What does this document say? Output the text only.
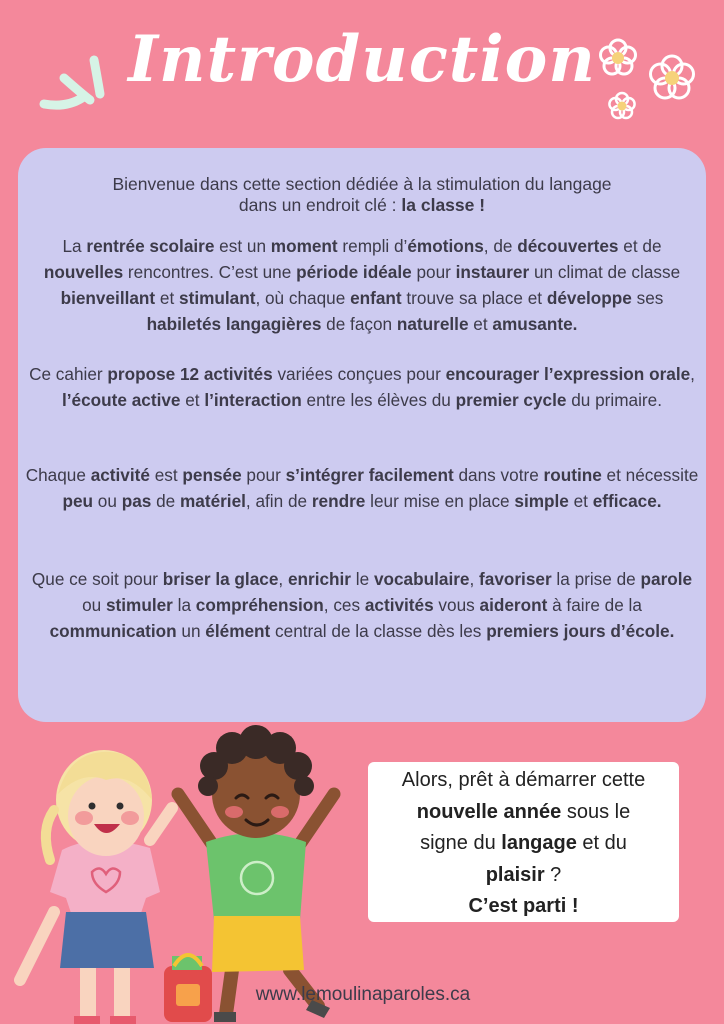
Introduction
Bienvenue dans cette section dédiée à la stimulation du langage
dans un endroit clé : la classe !
La rentrée scolaire est un moment rempli d’émotions, de découvertes et de nouvelles rencontres. C’est une période idéale pour instaurer un climat de classe bienveillant et stimulant, où chaque enfant trouve sa place et développe ses habiletés langagières de façon naturelle et amusante.
Ce cahier propose 12 activités variées conçues pour encourager l’expression orale, l’écoute active et l’interaction entre les élèves du premier cycle du primaire.
Chaque activité est pensée pour s’intégrer facilement dans votre routine et nécessite peu ou pas de matériel, afin de rendre leur mise en place simple et efficace.
Que ce soit pour briser la glace, enrichir le vocabulaire, favoriser la prise de parole ou stimuler la compréhension, ces activités vous aideront à faire de la communication un élément central de la classe dès les premiers jours d’école.
Alors, prêt à démarrer cette
nouvelle année sous le
signe du langage et du
plaisir ?
C’est parti !
www.lemoulinaparoles.ca
